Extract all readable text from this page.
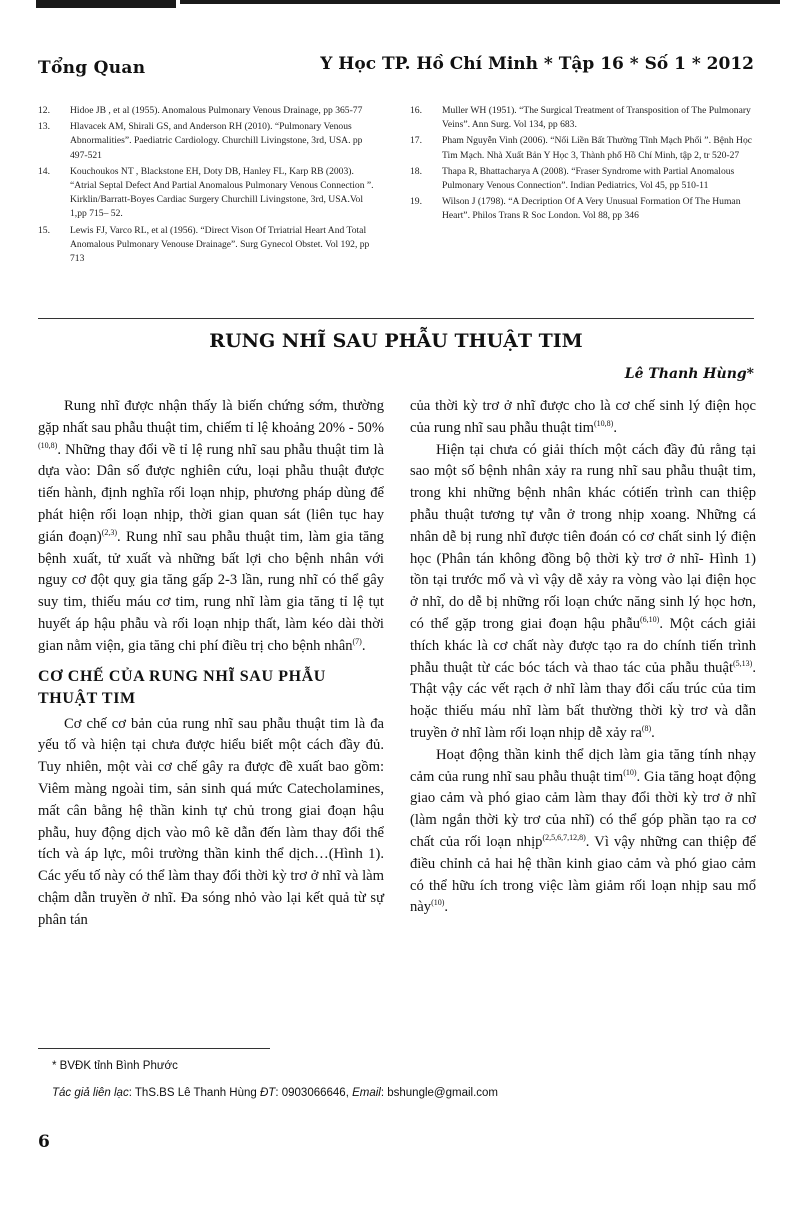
Tổng Quan	Y Học TP. Hồ Chí Minh * Tập 16 * Số 1 * 2012
12.	Hidoe JB , et al (1955). Anomalous Pulmonary Venous Drainage, pp 365-77
13.	Hlavacek AM, Shirali GS, and Anderson RH (2010). “Pulmonary Venous Abnormalities”. Paediatric Cardiology. Churchill Livingstone, 3rd, USA. pp 497-521
14.	Kouchoukos NT , Blackstone EH, Doty DB, Hanley FL, Karp RB (2003). “Atrial Septal Defect And Partial Anomalous Pulmonary Venous Connection ”. Kirklin/Barratt-Boyes Cardiac Surgery Churchill Livingstone, 3rd, USA.Vol 1,pp 715– 52.
15.	Lewis FJ, Varco RL, et al (1956). “Direct Vison Of Trriatrial Heart And Total Anomalous Pulmonary Venouse Drainage”. Surg Gynecol Obstet. Vol 192, pp 713
16.	Muller WH (1951). “The Surgical Treatment of Transposition of The Pulmonary Veins”. Ann Surg. Vol 134, pp 683.
17.	Pham Nguyễn Vinh (2006). “Nối Liền Bất Thường Tĩnh Mạch Phổi ”. Bệnh Học Tim Mạch. Nhà Xuất Bản Y Học 3, Thành phố Hồ Chí Minh, tập 2, tr 520-27
18.	Thapa R, Bhattacharya A (2008). “Fraser Syndrome with Partial Anomalous Pulmonary Venous Connection”. Indian Pediatrics, Vol 45, pp 510-11
19.	Wilson J (1798). “A Decription Of A Very Unusual Formation Of The Human Heart”. Philos Trans R Soc London. Vol 88, pp 346
RUNG NHĨ SAU PHẪU THUẬT TIM
Lê Thanh Hùng*

Rung nhĩ được nhận thấy là biến chứng sớm, thường gặp nhất sau phẫu thuật tim, chiếm tỉ lệ khoảng 20% - 50%$^{(10,8)}$. Những thay đổi về tỉ lệ rung nhĩ sau phẫu thuật tim là dựa vào: Dân số được nghiên cứu, loại phẫu thuật được tiến hành, định nghĩa rối loạn nhịp, phương pháp dùng để phát hiện rối loạn nhịp, thời gian quan sát (liên tục hay gián đoạn)$^{(2,3)}$. Rung nhĩ sau phẫu thuật tim, làm gia tăng bệnh xuất, tử xuất và những bất lợi cho bệnh nhân với nguy cơ đột quỵ gia tăng gấp 2-3 lần, rung nhĩ có thể gây suy tim, thiếu máu cơ tim, rung nhĩ làm gia tăng tỉ lệ tụt huyết áp hậu phẫu và rối loạn nhịp thất, làm kéo dài thời gian nằm viện, gia tăng chi phí điều trị cho bệnh nhân$^{(7)}$.

CƠ CHẾ CỦA RUNG NHĨ SAU PHẪU THUẬT TIM

Cơ chế cơ bản của rung nhĩ sau phẫu thuật tim là đa yếu tố và hiện tại chưa được hiểu biết một cách đầy đủ. Tuy nhiên, một vài cơ chế gây ra được đề xuất bao gồm: Viêm màng ngoài tim, sản sinh quá mức Catecholamines, mất cân bằng hệ thần kinh tự chủ trong giai đoạn hậu phẫu, huy động dịch vào mô kẽ dẫn đến làm thay đổi thể tích và áp lực, môi trường thần kinh thể dịch…(Hình 1). Các yếu tố này có thể làm thay đổi thời kỳ trơ ở nhĩ và làm chậm dẫn truyền ở nhĩ. Đa sóng nhỏ vào lại kết quả từ sự phân tán

của thời kỳ trơ ở nhĩ được cho là cơ chế sinh lý điện học của rung nhĩ sau phẫu thuật tim$^{(10,8)}$.

Hiện tại chưa có giải thích một cách đầy đủ rằng tại sao một số bệnh nhân xảy ra rung nhĩ sau phẫu thuật tim, trong khi những bệnh nhân khác cótiến trình can thiệp phẫu thuật tương tự vẫn ở trong nhịp xoang. Những cá nhân dễ bị rung nhĩ được tiên đoán có cơ chất sinh lý điện học (Phân tán không đồng bộ thời kỳ trơ ở nhĩ- Hình 1) tồn tại trước mổ và vì vậy dễ xảy ra vòng vào lại điện học ở nhĩ, do dễ bị những rối loạn chức năng sinh lý học hơn, có thể gặp trong giai đoạn hậu phẫu$^{(6,10)}$. Một cách giải thích khác là cơ chất này được tạo ra do chính tiến trình phẫu thuật từ các bóc tách và thao tác của phẫu thuật$^{(5,13)}$. Thật vậy các vết rạch ở nhĩ làm thay đổi cấu trúc của tim hoặc thiếu máu nhĩ làm bất thường thời kỳ trơ và dẫn truyền ở nhĩ làm rối loạn nhịp dễ xảy $ra^{(8)}$.

Hoạt động thần kinh thể dịch làm gia tăng tính nhạy cảm của rung nhĩ sau phẫu thuật tim$^{(10)}$. Gia tăng hoạt động giao cảm và phó giao cảm làm thay đổi thời kỳ trơ ở nhĩ (làm ngắn thời kỳ trơ của nhĩ) có thể góp phần tạo ra cơ chất của rối loạn nhịp$^{(2,5,6,7,12,8)}$. Vì vậy những can thiệp để điều chỉnh cả hai hệ thần kinh giao cảm và phó giao cảm có thể hữu ích trong việc làm giảm rối loạn nhịp sau mổ này$^{(10)}$.

* BVĐK tỉnh Bình Phước
Tác giả liên lạc: ThS.BS Lê Thanh Hùng ĐT: 0903066646, Email: bshungle@gmail.com
6
